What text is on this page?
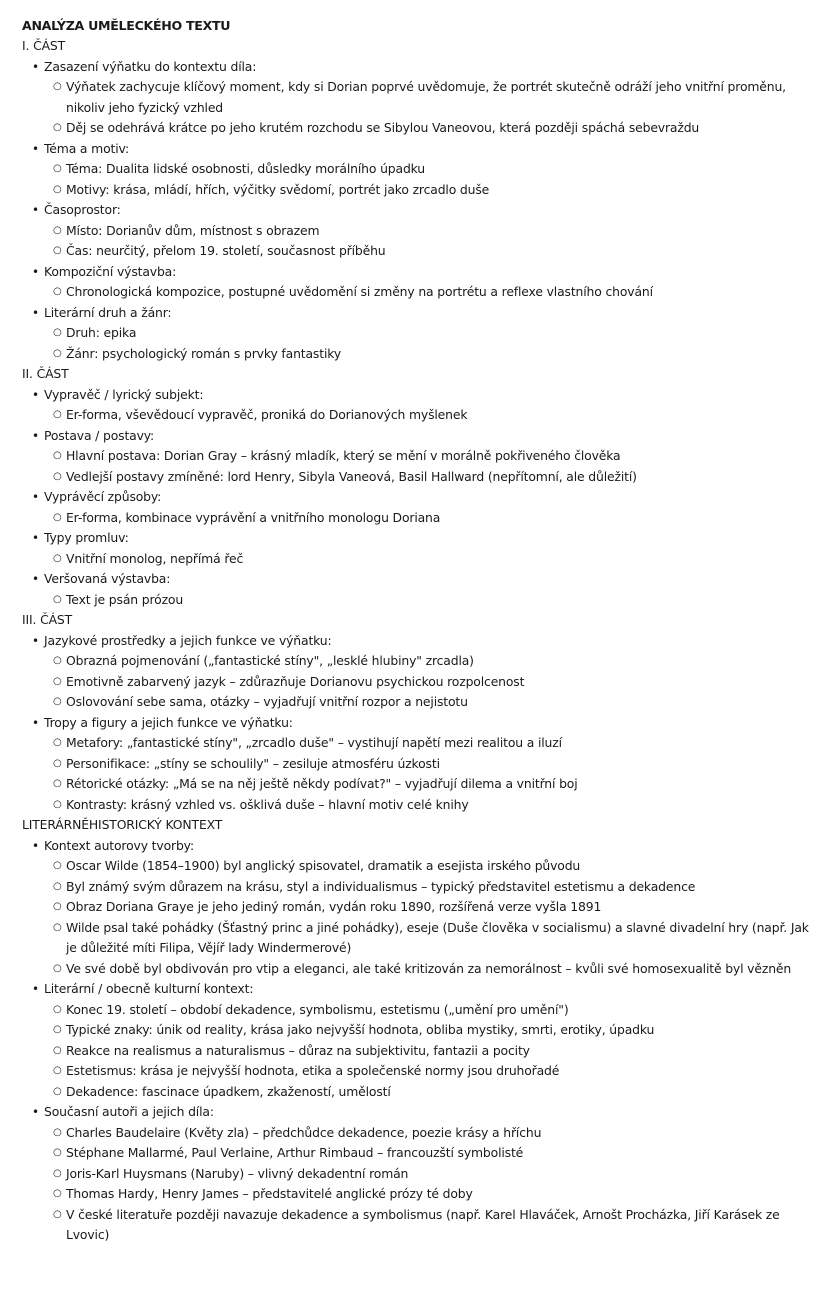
ANALÝZA UMĚLECKÉHO TEXTU
I. ČÁST
• Zasazení výňatku do kontextu díla:
○ Výňatek zachycuje klíčový moment, kdy si Dorian poprvé uvědomuje, že portrét skutečně odráží jeho vnitřní proměnu, nikoliv jeho fyzický vzhled
○ Děj se odehrává krátce po jeho krutém rozchodu se Sibylou Vaneovou, která později spáchá sebevraždu
• Téma a motiv:
○ Téma: Dualita lidské osobnosti, důsledky morálního úpadku
○ Motivy: krása, mládí, hřích, výčitky svědomí, portrét jako zrcadlo duše
• Časoprostor:
○ Místo: Dorianův dům, místnost s obrazem
○ Čas: neurčitý, přelom 19. století, současnost příběhu
• Kompoziční výstavba:
○ Chronologická kompozice, postupné uvědomění si změny na portrétu a reflexe vlastního chování
• Literární druh a žánr:
○ Druh: epika
○ Žánr: psychologický román s prvky fantastiky
II. ČÁST
• Vypravěč / lyrický subjekt:
○ Er-forma, vševědoucí vypravěč, proniká do Dorianových myšlenek
• Postava / postavy:
○ Hlavní postava: Dorian Gray – krásný mladík, který se mění v morálně pokřiveného člověka
○ Vedlejší postavy zmíněné: lord Henry, Sibyla Vaneová, Basil Hallward (nepřítomní, ale důležití)
• Vyprávěcí způsoby:
○ Er-forma, kombinace vyprávění a vnitřního monologu Doriana
• Typy promluv:
○ Vnitřní monolog, nepřímá řeč
• Veršovaná výstavba:
○ Text je psán prózou
III. ČÁST
• Jazykové prostředky a jejich funkce ve výňatku:
○ Obrazná pojmenování („fantastické stíny", „lesklé hlubiny" zrcadla)
○ Emotivně zabarvený jazyk – zdůrazňuje Dorianovu psychickou rozpolcenost
○ Oslovování sebe sama, otázky – vyjadřují vnitřní rozpor a nejistotu
• Tropy a figury a jejich funkce ve výňatku:
○ Metafory: „fantastické stíny", „zrcadlo duše" – vystihují napětí mezi realitou a iluzí
○ Personifikace: „stíny se schoulily" – zesiluje atmosféru úzkosti
○ Rétorické otázky: „Má se na něj ještě někdy podívat?" – vyjadřují dilema a vnitřní boj
○ Kontrasty: krásný vzhled vs. ošklivá duše – hlavní motiv celé knihy
LITERÁRNĚHISTORICKÝ KONTEXT
• Kontext autorovy tvorby:
○ Oscar Wilde (1854–1900) byl anglický spisovatel, dramatik a esejista irského původu
○ Byl známý svým důrazem na krásu, styl a individualismus – typický představitel estetismu a dekadence
○ Obraz Doriana Graye je jeho jediný román, vydán roku 1890, rozšířená verze vyšla 1891
○ Wilde psal také pohádky (Šťastný princ a jiné pohádky), eseje (Duše člověka v socialismu) a slavné divadelní hry (např. Jak je důležité míti Filipa, Vějíř lady Windermerové)
○ Ve své době byl obdivován pro vtip a eleganci, ale také kritizován za nemorálnost – kvůli své homosexualitě byl vězněn
• Literární / obecně kulturní kontext:
○ Konec 19. století – období dekadence, symbolismu, estetismu („umění pro umění")
○ Typické znaky: únik od reality, krása jako nejvyšší hodnota, obliba mystiky, smrti, erotiky, úpadku
○ Reakce na realismus a naturalismus – důraz na subjektivitu, fantazii a pocity
○ Estetismus: krása je nejvyšší hodnota, etika a společenské normy jsou druhořadé
○ Dekadence: fascinace úpadkem, zkažeností, umělostí
• Současní autoři a jejich díla:
○ Charles Baudelaire (Květy zla) – předchůdce dekadence, poezie krásy a hříchu
○ Stéphane Mallarmé, Paul Verlaine, Arthur Rimbaud – francouzští symbolisté
○ Joris-Karl Huysmans (Naruby) – vlivný dekadentní román
○ Thomas Hardy, Henry James – představitelé anglické prózy té doby
○ V české literatuře později navazuje dekadence a symbolismus (např. Karel Hlaváček, Arnošt Procházka, Jiří Karásek ze Lvovic)
